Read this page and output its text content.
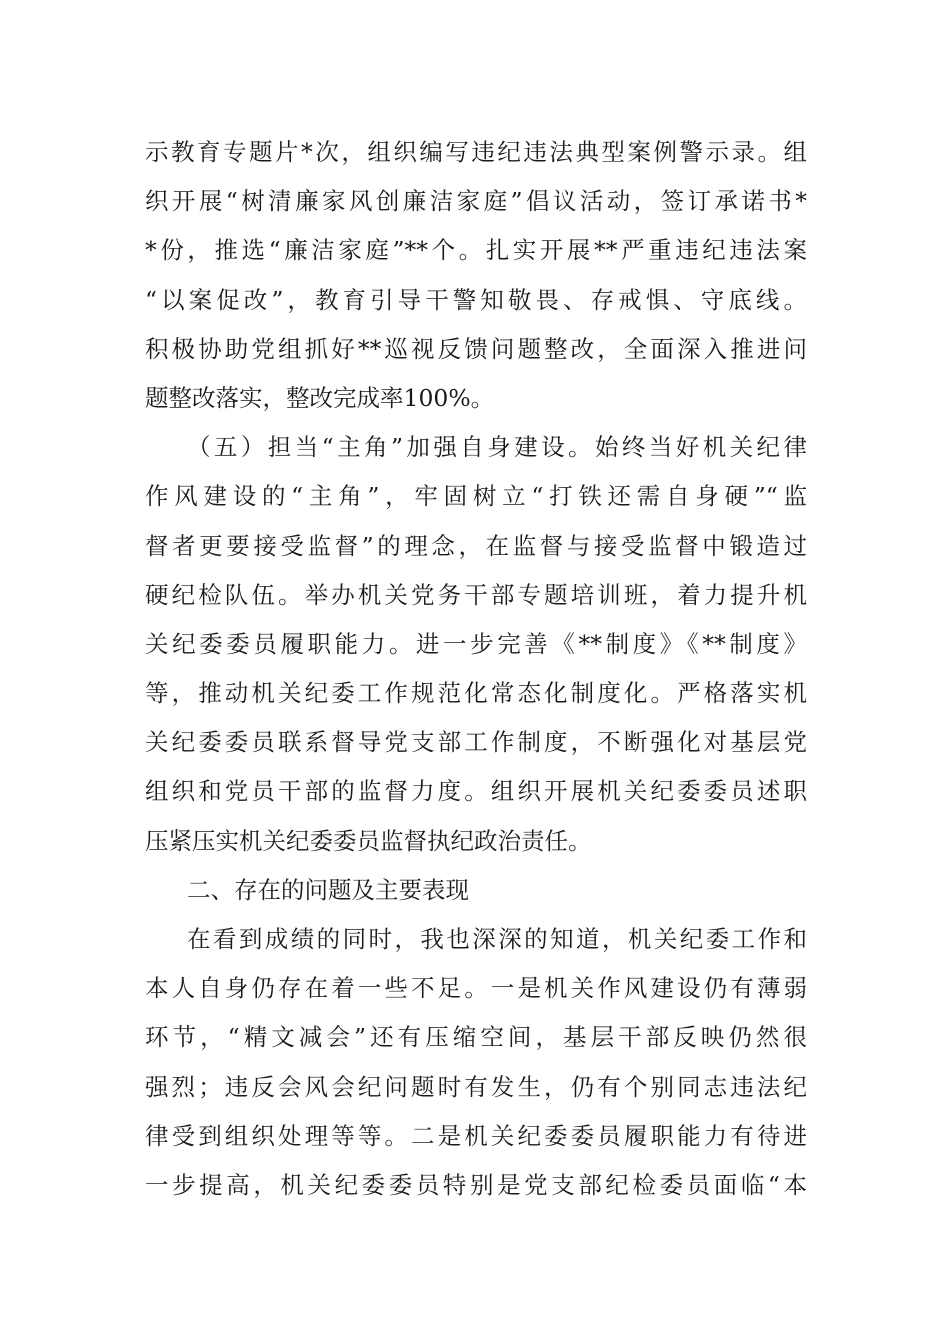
示教育专题片*次，组织编写违纪违法典型案例警示录。组
织开展“树清廉家风创廉洁家庭”倡议活动，签订承诺书*
*份，推选“廉洁家庭”**个。扎实开展**严重违纪违法案
“以案促改”，教育引导干警知敬畏、存戒惧、守底线。
积极协助党组抓好**巡视反馈问题整改，全面深入推进问
题整改落实，整改完成率100%。
（五）担当“主角”加强自身建设。始终当好机关纪律
作风建设的“主角”，牢固树立“打铁还需自身硬”“监
督者更要接受监督”的理念，在监督与接受监督中锻造过
硬纪检队伍。举办机关党务干部专题培训班，着力提升机
关纪委委员履职能力。进一步完善《**制度》《**制度》
等，推动机关纪委工作规范化常态化制度化。严格落实机
关纪委委员联系督导党支部工作制度，不断强化对基层党
组织和党员干部的监督力度。组织开展机关纪委委员述职
压紧压实机关纪委委员监督执纪政治责任。
二、存在的问题及主要表现
在看到成绩的同时，我也深深的知道，机关纪委工作和
本人自身仍存在着一些不足。一是机关作风建设仍有薄弱
环节，“精文减会”还有压缩空间，基层干部反映仍然很
强烈；违反会风会纪问题时有发生，仍有个别同志违法纪
律受到组织处理等等。二是机关纪委委员履职能力有待进
一步提高，机关纪委委员特别是党支部纪检委员面临“本
